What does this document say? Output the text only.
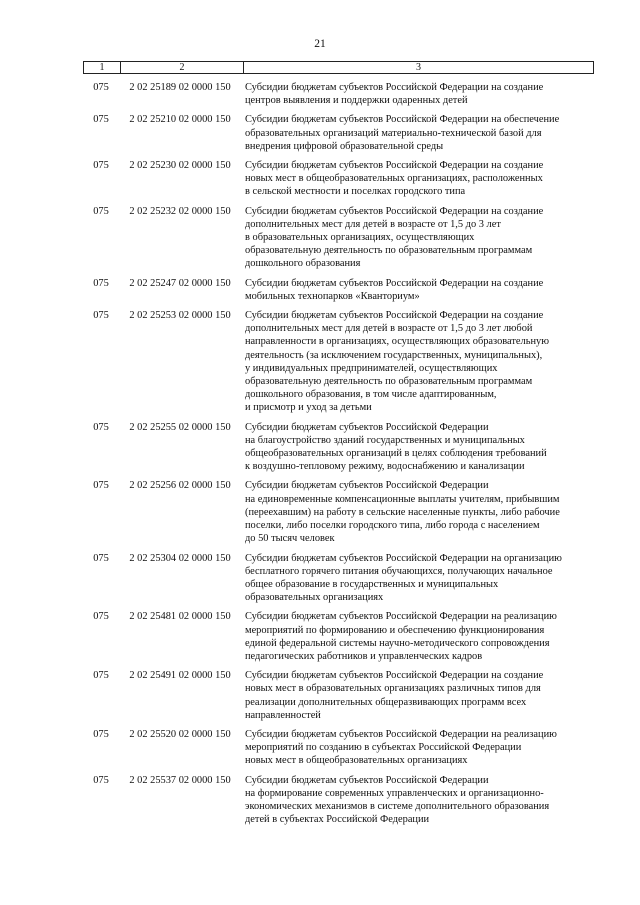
21
1	2	3
075	2 02 25189 02 0000 150	Субсидии бюджетам субъектов Российской Федерации на создание
центров выявления и поддержки одаренных детей
075	2 02 25210 02 0000 150	Субсидии бюджетам субъектов Российской Федерации на обеспечение
образовательных организаций материально-технической базой для
внедрения цифровой образовательной среды
075	2 02 25230 02 0000 150	Субсидии бюджетам субъектов Российской Федерации на создание
новых мест в общеобразовательных организациях, расположенных
в сельской местности и поселках городского типа
075	2 02 25232 02 0000 150	Субсидии бюджетам субъектов Российской Федерации на создание
дополнительных мест для детей в возрасте от 1,5 до 3 лет
в образовательных организациях, осуществляющих
образовательную деятельность по образовательным программам
дошкольного образования
075	2 02 25247 02 0000 150	Субсидии бюджетам субъектов Российской Федерации на создание
мобильных технопарков «Кванториум»
075	2 02 25253 02 0000 150	Субсидии бюджетам субъектов Российской Федерации на создание
дополнительных мест для детей в возрасте от 1,5 до 3 лет любой
направленности в организациях, осуществляющих образовательную
деятельность (за исключением государственных, муниципальных),
у индивидуальных предпринимателей, осуществляющих
образовательную деятельность по образовательным программам
дошкольного образования, в том числе адаптированным,
и присмотр и уход за детьми
075	2 02 25255 02 0000 150	Субсидии бюджетам субъектов Российской Федерации
на благоустройство зданий государственных и муниципальных
общеобразовательных организаций в целях соблюдения требований
к воздушно-тепловому режиму, водоснабжению и канализации
075	2 02 25256 02 0000 150	Субсидии бюджетам субъектов Российской Федерации
на единовременные компенсационные выплаты учителям, прибывшим
(переехавшим) на работу в сельские населенные пункты, либо рабочие
поселки, либо поселки городского типа, либо города с населением
до 50 тысяч человек
075	2 02 25304 02 0000 150	Субсидии бюджетам субъектов Российской Федерации на организацию
бесплатного горячего питания обучающихся, получающих начальное
общее образование в государственных и муниципальных
образовательных организациях
075	2 02 25481 02 0000 150	Субсидии бюджетам субъектов Российской Федерации на реализацию
мероприятий по формированию и обеспечению функционирования
единой федеральной системы научно-методического сопровождения
педагогических работников и управленческих кадров
075	2 02 25491 02 0000 150	Субсидии бюджетам субъектов Российской Федерации на создание
новых мест в образовательных организациях различных типов для
реализации дополнительных общеразвивающих программ всех
направленностей
075	2 02 25520 02 0000 150	Субсидии бюджетам субъектов Российской Федерации на реализацию
мероприятий по созданию в субъектах Российской Федерации
новых мест в общеобразовательных организациях
075	2 02 25537 02 0000 150	Субсидии бюджетам субъектов Российской Федерации
на формирование современных управленческих и организационно-
экономических механизмов в системе дополнительного образования
детей в субъектах Российской Федерации
